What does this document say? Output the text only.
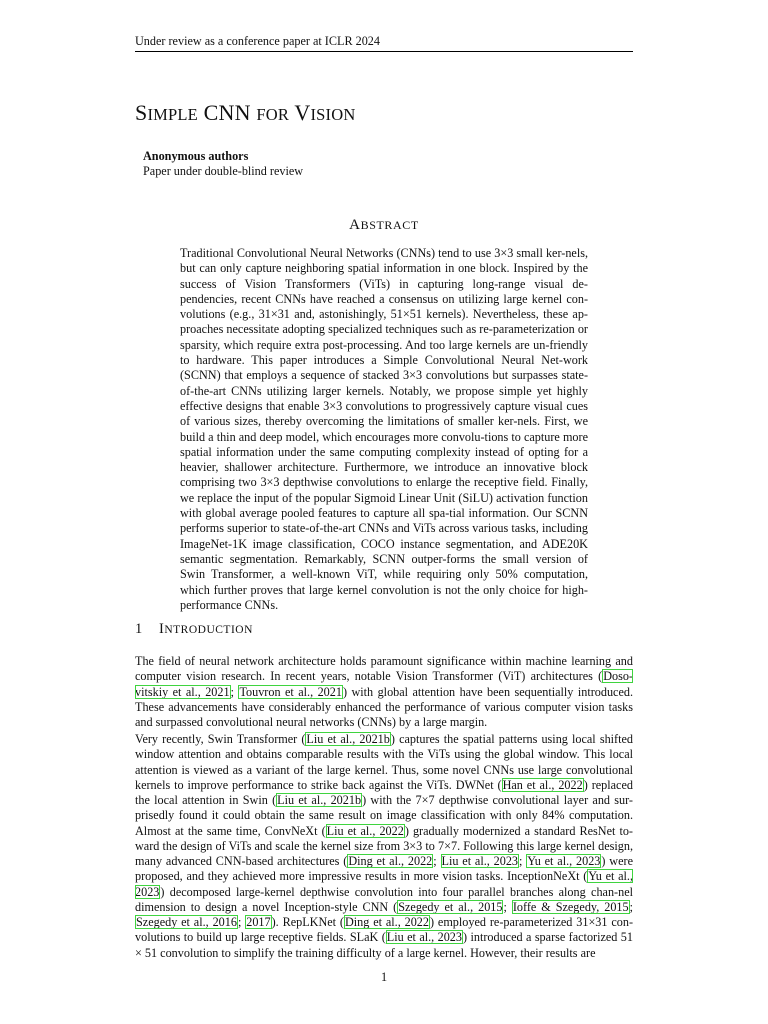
Under review as a conference paper at ICLR 2024
SIMPLE CNN FOR VISION
Anonymous authors
Paper under double-blind review
ABSTRACT

Traditional Convolutional Neural Networks (CNNs) tend to use 3×3 small ker-nels, but can only capture neighboring spatial information in one block. Inspired by the success of Vision Transformers (ViTs) in capturing long-range visual de-pendencies, recent CNNs have reached a consensus on utilizing large kernel con-volutions (e.g., 31×31 and, astonishingly, 51×51 kernels). Nevertheless, these ap-proaches necessitate adopting specialized techniques such as re-parameterization or sparsity, which require extra post-processing. And too large kernels are un-friendly to hardware. This paper introduces a Simple Convolutional Neural Net-work (SCNN) that employs a sequence of stacked 3×3 convolutions but surpasses state-of-the-art CNNs utilizing larger kernels. Notably, we propose simple yet highly effective designs that enable 3×3 convolutions to progressively capture visual cues of various sizes, thereby overcoming the limitations of smaller ker-nels. First, we build a thin and deep model, which encourages more convolu-tions to capture more spatial information under the same computing complexity instead of opting for a heavier, shallower architecture. Furthermore, we introduce an innovative block comprising two 3×3 depthwise convolutions to enlarge the receptive field. Finally, we replace the input of the popular Sigmoid Linear Unit (SiLU) activation function with global average pooled features to capture all spa-tial information. Our SCNN performs superior to state-of-the-art CNNs and ViTs across various tasks, including ImageNet-1K image classification, COCO instance segmentation, and ADE20K semantic segmentation. Remarkably, SCNN outper-forms the small version of Swin Transformer, a well-known ViT, while requiring only 50% computation, which further proves that large kernel convolution is not the only choice for high-performance CNNs.

1 INTRODUCTION

The field of neural network architecture holds paramount significance within machine learning and computer vision research. In recent years, notable Vision Transformer (ViT) architectures (Doso-vitskiy et al., 2021; Touvron et al., 2021) with global attention have been sequentially introduced. These advancements have considerably enhanced the performance of various computer vision tasks and surpassed convolutional neural networks (CNNs) by a large margin.

Very recently, Swin Transformer (Liu et al., 2021b) captures the spatial patterns using local shifted window attention and obtains comparable results with the ViTs using the global window. This local attention is viewed as a variant of the large kernel. Thus, some novel CNNs use large convolutional kernels to improve performance to strike back against the ViTs. DWNet (Han et al., 2022) replaced the local attention in Swin (Liu et al., 2021b) with the 7×7 depthwise convolutional layer and sur-prisedly found it could obtain the same result on image classification with only 84% computation. Almost at the same time, ConvNeXt (Liu et al., 2022) gradually modernized a standard ResNet to-ward the design of ViTs and scale the kernel size from 3×3 to 7×7. Following this large kernel design, many advanced CNN-based architectures (Ding et al., 2022; Liu et al., 2023; Yu et al., 2023) were proposed, and they achieved more impressive results in more vision tasks. InceptionNeXt (Yu et al., 2023) decomposed large-kernel depthwise convolution into four parallel branches along chan-nel dimension to design a novel Inception-style CNN (Szegedy et al., 2015; Ioffe & Szegedy, 2015; Szegedy et al., 2016; 2017). RepLKNet (Ding et al., 2022) employed re-parameterized 31×31 con-volutions to build up large receptive fields. SLaK (Liu et al., 2023) introduced a sparse factorized 51 × 51 convolution to simplify the training difficulty of a large kernel. However, their results are

1
